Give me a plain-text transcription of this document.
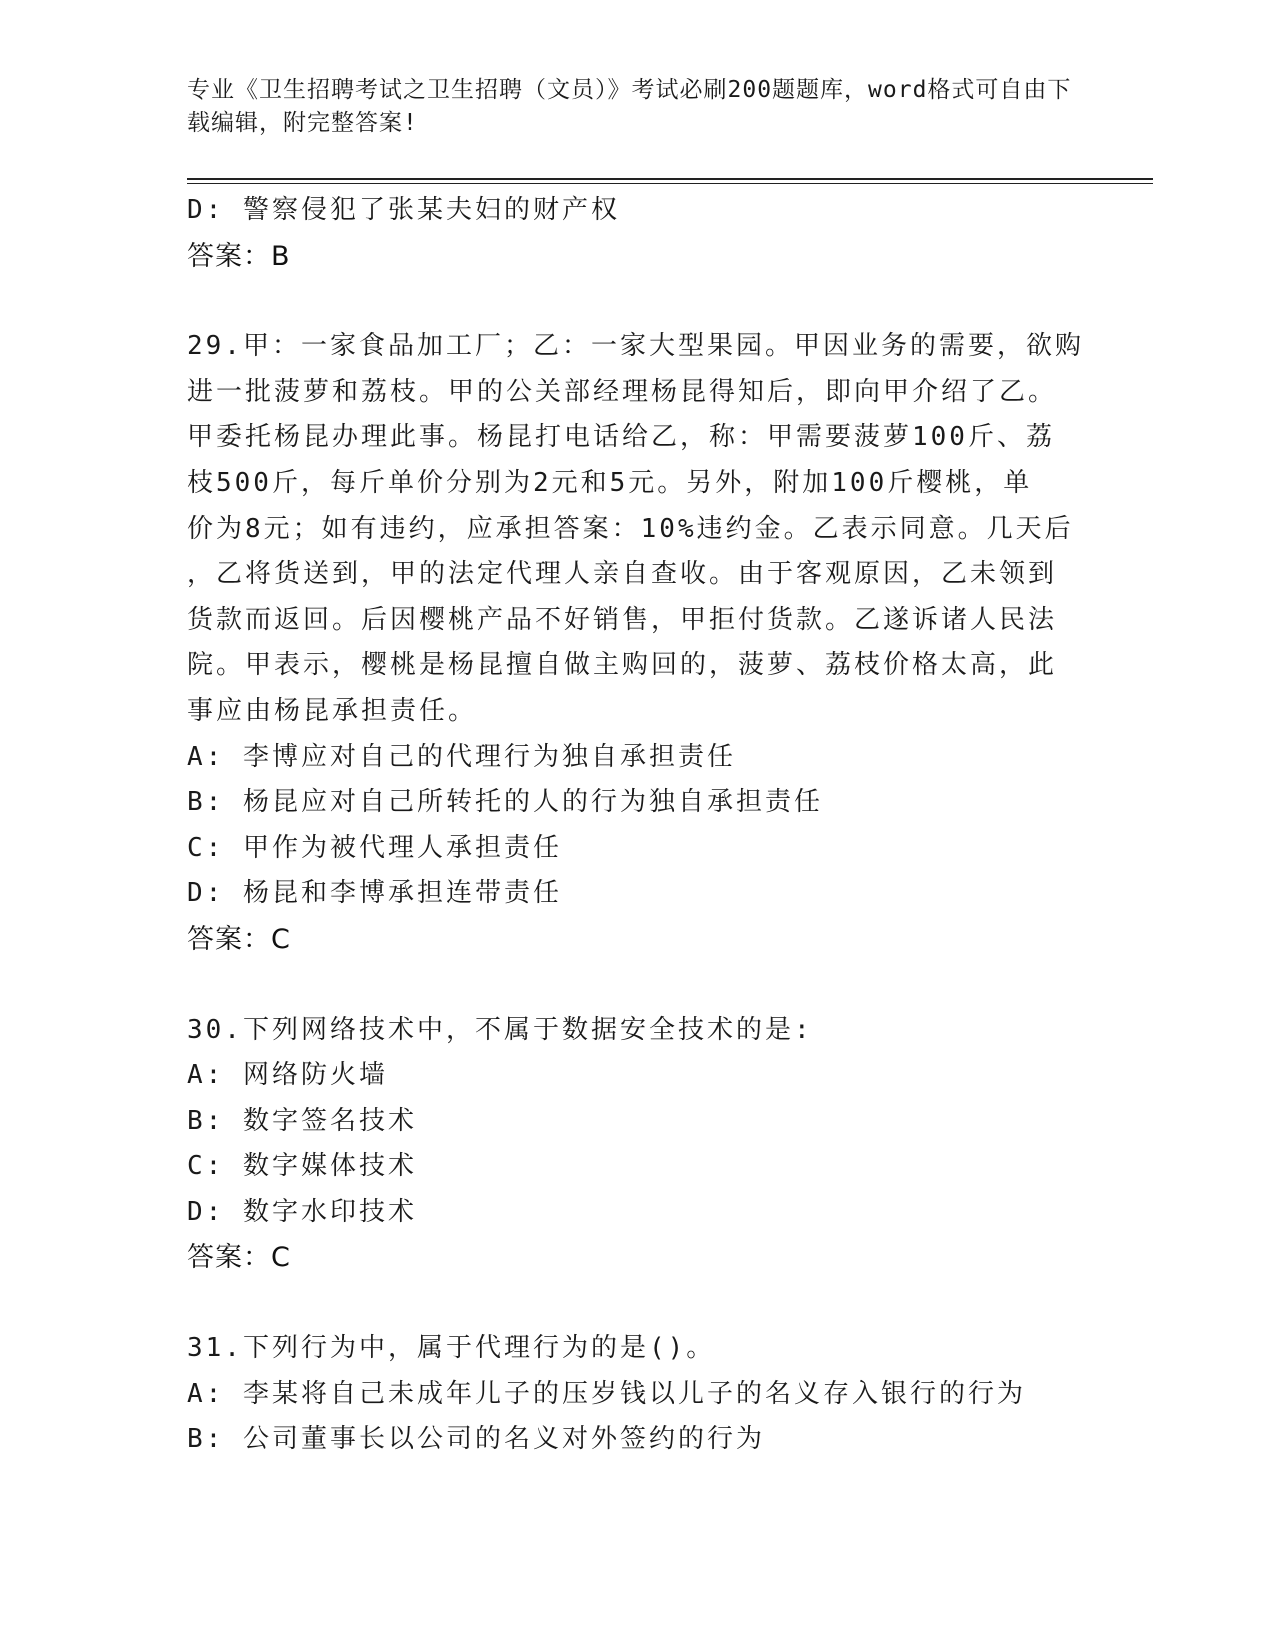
专业《卫生招聘考试之卫生招聘（文员）》考试必刷200题题库，word格式可自由下载编辑，附完整答案!
D: 警察侵犯了张某夫妇的财产权
答案：B
29.甲：一家食品加工厂；乙：一家大型果园。甲因业务的需要，欲购
进一批菠萝和荔枝。甲的公关部经理杨昆得知后，即向甲介绍了乙。
甲委托杨昆办理此事。杨昆打电话给乙，称：甲需要菠萝100斤、荔
枝500斤，每斤单价分别为2元和5元。另外，附加100斤樱桃，单
价为8元；如有违约，应承担答案：10%违约金。乙表示同意。几天后
，乙将货送到，甲的法定代理人亲自查收。由于客观原因，乙未领到
货款而返回。后因樱桃产品不好销售，甲拒付货款。乙遂诉诸人民法
院。甲表示，樱桃是杨昆擅自做主购回的，菠萝、荔枝价格太高，此
事应由杨昆承担责任。
A: 李博应对自己的代理行为独自承担责任
B: 杨昆应对自己所转托的人的行为独自承担责任
C: 甲作为被代理人承担责任
D: 杨昆和李博承担连带责任
答案：C
30.下列网络技术中，不属于数据安全技术的是:
A: 网络防火墙
B: 数字签名技术
C: 数字媒体技术
D: 数字水印技术
答案：C
31.下列行为中，属于代理行为的是()。
A: 李某将自己未成年儿子的压岁钱以儿子的名义存入银行的行为
B: 公司董事长以公司的名义对外签约的行为
